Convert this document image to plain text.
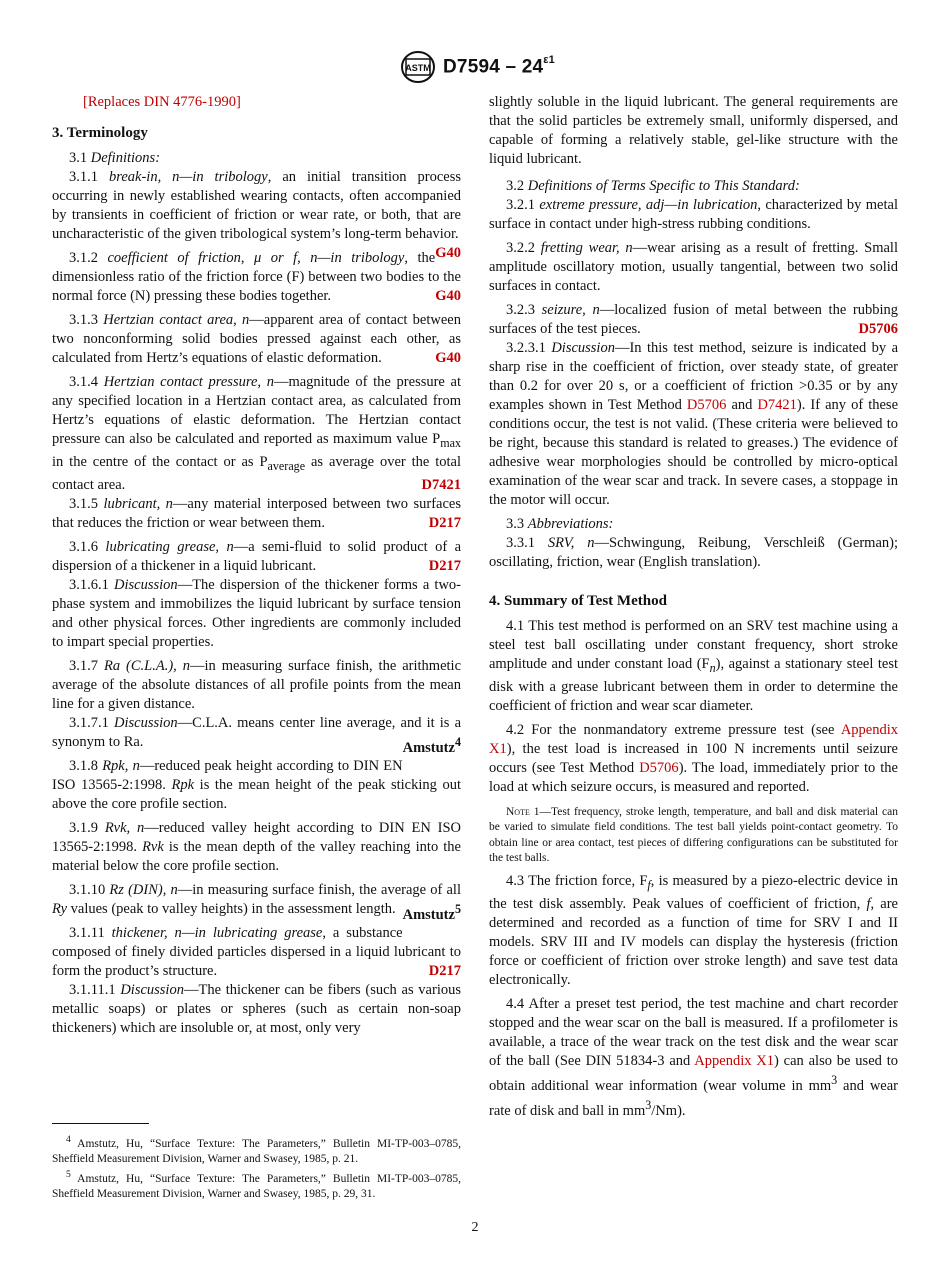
ASTM $D7594 - 24^{\varepsilon 1}$
[Replaces DIN 4776-1990]
3. Terminology

3.1 Definitions:

3.1.1 break-in, n—in tribology, an initial transition process occurring in newly established wearing contacts, often accompanied by transients in coefficient of friction or wear rate, or both, that are uncharacteristic of the given tribological system’s long-term behavior.
G40

3.1.2 coefficient of friction, μ or f, n—in tribology, the dimensionless ratio of the friction force (F) between two bodies to the normal force (N) pressing these bodies together.	G40

3.1.3 Hertzian contact area, n—apparent area of contact between two nonconforming solid bodies pressed against each other, as calculated from Hertz’s equations of elastic deformation.	G40

3.1.4 Hertzian contact pressure, n—magnitude of the pressure at any specified location in a Hertzian contact area, as calculated from Hertz’s equations of elastic deformation. The Hertzian contact pressure can also be calculated and reported as maximum value $P_{max}$ in the centre of the contact or as $P_{average}$ as average over the total contact area.	D7421

3.1.5 lubricant, n—any material interposed between two surfaces that reduces the friction or wear between them.	D217

3.1.6 lubricating grease, n—a semi-fluid to solid product of a dispersion of a thickener in a liquid lubricant.	D217

3.1.6.1 Discussion—The dispersion of the thickener forms a two-phase system and immobilizes the liquid lubricant by surface tension and other physical forces. Other ingredients are commonly included to impart special properties.

3.1.7 Ra (C.L.A.), n—in measuring surface finish, the arithmetic average of the absolute distances of all profile points from the mean line for a given distance.

3.1.7.1 Discussion—C.L.A. means center line average, and it is a synonym to Ra.	Amstutz$^4$

3.1.8 Rpk, n—reduced peak height according to DIN EN ISO 13565-2:1998. Rpk is the mean height of the peak sticking out above the core profile section.

3.1.9 Rvk, n—reduced valley height according to DIN EN ISO 13565-2:1998. Rvk is the mean depth of the valley reaching into the material below the core profile section.

3.1.10 Rz (DIN), n—in measuring surface finish, the average of all Ry values (peak to valley heights) in the assessment length. Amstutz$^5$

3.1.11 thickener, n—in lubricating grease, a substance composed of finely divided particles dispersed in a liquid lubricant to form the product’s structure.	D217

3.1.11.1 Discussion—The thickener can be fibers (such as various metallic soaps) or plates or spheres (such as certain non-soap thickeners) which are insoluble or, at most, only very

slightly soluble in the liquid lubricant. The general requirements are that the solid particles be extremely small, uniformly dispersed, and capable of forming a relatively stable, gel-like structure with the liquid lubricant.

3.2 Definitions of Terms Specific to This Standard:

3.2.1 extreme pressure, adj—in lubrication, characterized by metal surface in contact under high-stress rubbing conditions.

3.2.2 fretting wear, n—wear arising as a result of fretting. Small amplitude oscillatory motion, usually tangential, between two solid surfaces in contact.

3.2.3 seizure, n—localized fusion of metal between the rubbing surfaces of the test pieces.	D5706

3.2.3.1 Discussion—In this test method, seizure is indicated by a sharp rise in the coefficient of friction, over steady state, of greater than 0.2 for over 20 s, or a coefficient of friction >0.35 or by any examples shown in Test Method D5706 and D7421). If any of these conditions occur, the test is not valid. (These criteria were believed to be right, because this standard is related to greases.) The evidence of adhesive wear morphologies should be controlled by micro-optical examination of the wear scar and track. In severe cases, a stoppage in the motor will occur.

3.3 Abbreviations:

3.3.1 SRV, n—Schwingung, Reibung, Verschleiß (German); oscillating, friction, wear (English translation).

4. Summary of Test Method

4.1 This test method is performed on an SRV test machine using a steel test ball oscillating under constant frequency, short stroke amplitude and under constant load $(F_n)$, against a stationary steel test disk with a grease lubricant between them in order to determine the coefficient of friction and wear scar diameter.

4.2 For the nonmandatory extreme pressure test (see Appendix X1), the test load is increased in 100 N increments until seizure occurs (see Test Method D5706). The load, immediately prior to the load at which seizure occurs, is measured and reported.

Note 1—Test frequency, stroke length, temperature, and ball and disk material can be varied to simulate field conditions. The test ball yields point-contact geometry. To obtain line or area contact, test pieces of differing configurations can be substituted for the test balls.

4.3 The friction force, $F_f$, is measured by a piezo-electric device in the test disk assembly. Peak values of coefficient of friction, f, are determined and recorded as a function of time for SRV I and II models. SRV III and IV models can display the hysteresis (friction force or coefficient of friction over stroke length) and save test data electronically.

4.4 After a preset test period, the test machine and chart recorder stopped and the wear scar on the ball is measured. If a profilometer is available, a trace of the wear track on the test disk and the wear scar of the ball (See DIN 51834-3 and Appendix X1) can also be used to obtain additional wear information (wear volume in $mm^3$ and wear rate of disk and ball in $mm^3/Nm$).

$^4$ Amstutz, Hu, “Surface Texture: The Parameters,” Bulletin MI-TP-003–0785, Sheffield Measurement Division, Warner and Swasey, 1985, p. 21.

$^5$ Amstutz, Hu, “Surface Texture: The Parameters,” Bulletin MI-TP-003–0785, Sheffield Measurement Division, Warner and Swasey, 1985, p. 29, 31.

2
